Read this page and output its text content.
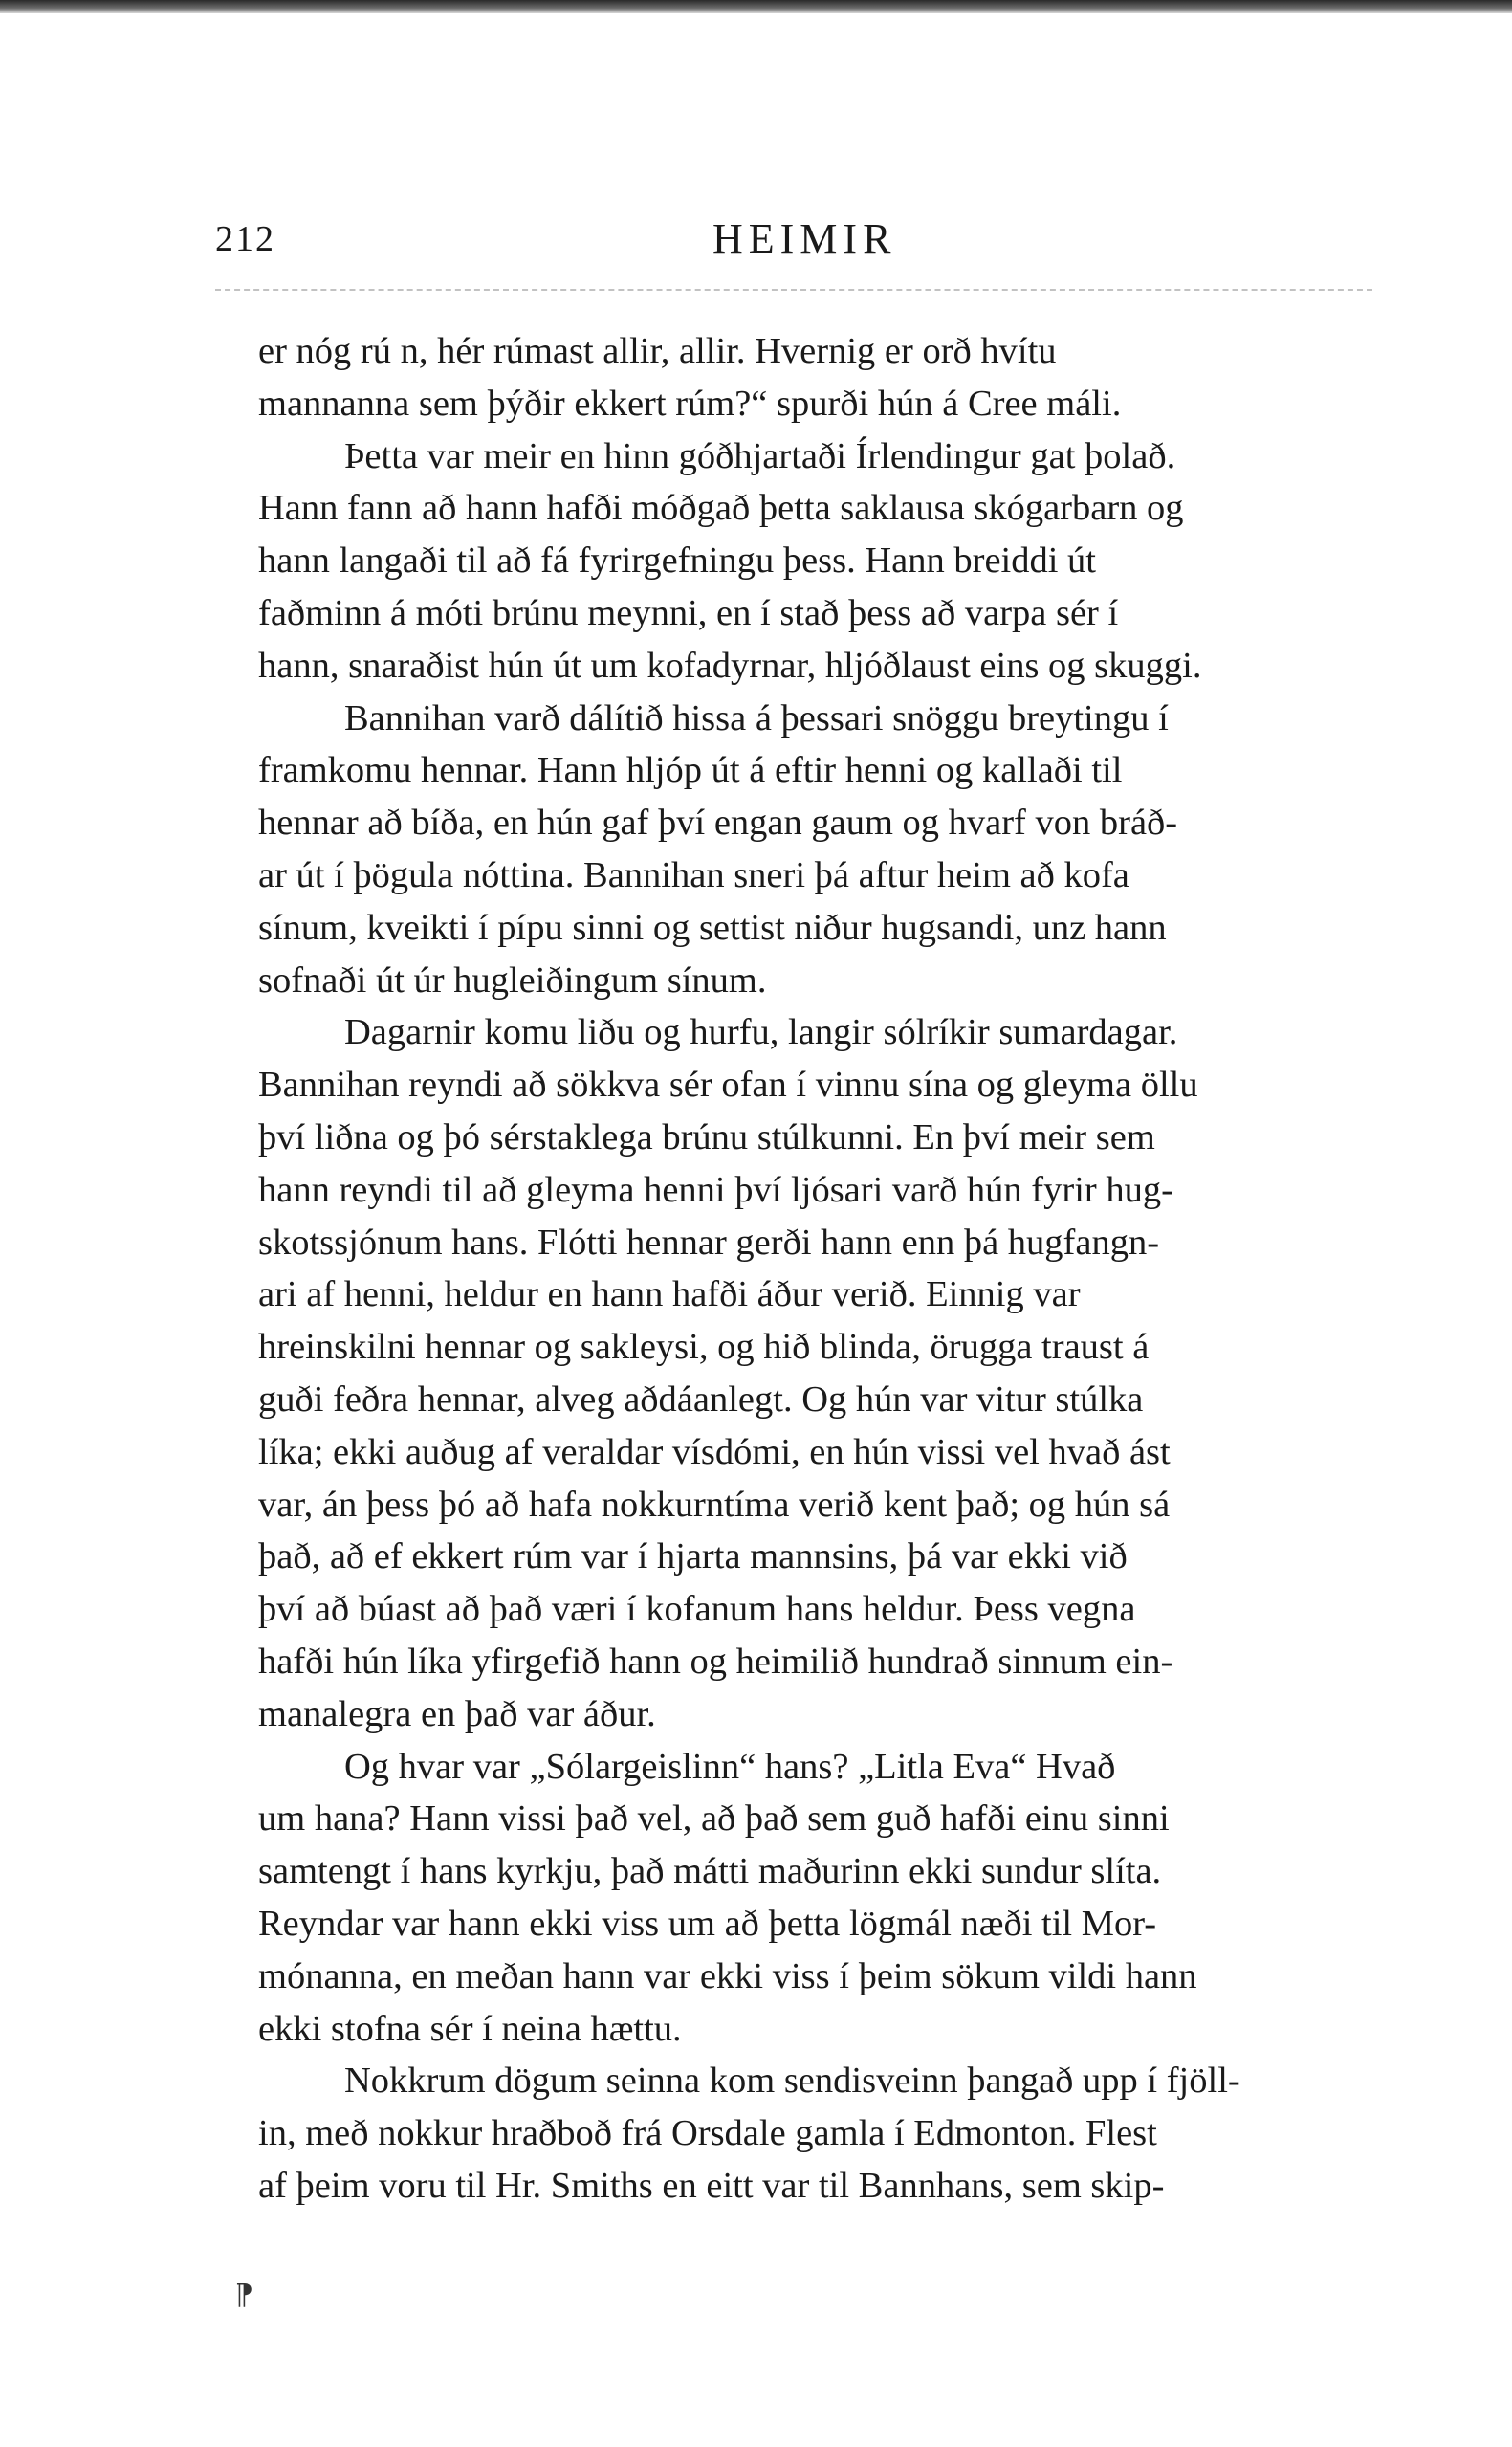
212	HEIMIR
er nóg rú n, hér rúmast allir, allir. Hvernig er orð hvítu
mannanna sem þýðir ekkert rúm?“ spurði hún á Cree máli.
Þetta var meir en hinn góðhjartaði Írlendingur gat þolað.
Hann fann að hann hafði móðgað þetta saklausa skógarbarn og
hann langaði til að fá fyrirgefningu þess. Hann breiddi út
faðminn á móti brúnu meynni, en í stað þess að varpa sér í
hann, snaraðist hún út um kofadyrnar, hljóðlaust eins og skuggi.
Bannihan varð dálítið hissa á þessari snöggu breytingu í
framkomu hennar. Hann hljóp út á eftir henni og kallaði til
hennar að bíða, en hún gaf því engan gaum og hvarf von bráð-
ar út í þögula nóttina. Bannihan sneri þá aftur heim að kofa
sínum, kveikti í pípu sinni og settist niður hugsandi, unz hann
sofnaði út úr hugleiðingum sínum.
Dagarnir komu liðu og hurfu, langir sólríkir sumardagar.
Bannihan reyndi að sökkva sér ofan í vinnu sína og gleyma öllu
því liðna og þó sérstaklega brúnu stúlkunni. En því meir sem
hann reyndi til að gleyma henni því ljósari varð hún fyrir hug-
skotssjónum hans. Flótti hennar gerði hann enn þá hugfangn-
ari af henni, heldur en hann hafði áður verið. Einnig var
hreinskilni hennar og sakleysi, og hið blinda, örugga traust á
guði feðra hennar, alveg aðdáanlegt. Og hún var vitur stúlka
líka; ekki auðug af veraldar vísdómi, en hún vissi vel hvað ást
var, án þess þó að hafa nokkurntíma verið kent það; og hún sá
það, að ef ekkert rúm var í hjarta mannsins, þá var ekki við
því að búast að það væri í kofanum hans heldur. Þess vegna
hafði hún líka yfirgefið hann og heimilið hundrað sinnum ein-
manalegra en það var áður.
Og hvar var „Sólargeislinn“ hans? „Litla Eva“ Hvað
um hana? Hann vissi það vel, að það sem guð hafði einu sinni
samtengt í hans kyrkju, það mátti maðurinn ekki sundur slíta.
Reyndar var hann ekki viss um að þetta lögmál næði til Mor-
mónanna, en meðan hann var ekki viss í þeim sökum vildi hann
ekki stofna sér í neina hættu.
Nokkrum dögum seinna kom sendisveinn þangað upp í fjöll-
in, með nokkur hraðboð frá Orsdale gamla í Edmonton. Flest
af þeim voru til Hr. Smiths en eitt var til Bannhans, sem skip-
⁋
